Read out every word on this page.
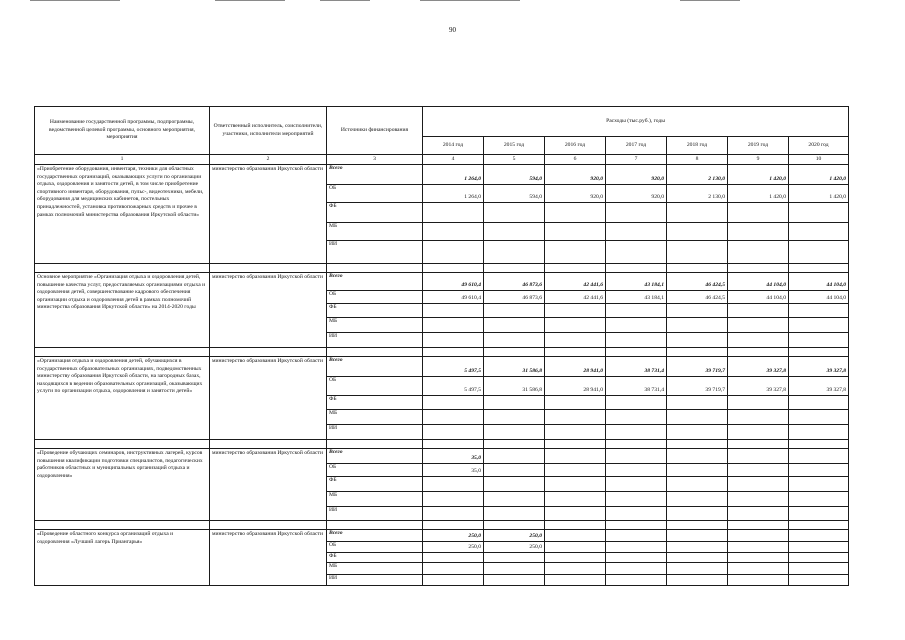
90
Наименование государственной программы, подпрограммы, ведомственной целевой программы, основного мероприятия, мероприятия	Ответственный исполнитель, соисполнители, участники, исполнители мероприятий	Источники финансирования	Расходы (тыс.руб.), годы						
			2014 год	2015 год	2016 год	2017 год	2018 год	2019 год	2020 год
1	2	3	4	5	6	7	8	9	10
«Приобретение оборудования, инвентаря, техники для областных государственных организаций, оказывающих услуги по организации отдыха, оздоровления и занятости детей, в том числе приобретение спортивного инвентаря, оборудования, пульс-, видеотехники, мебели, оборудования для медицинских кабинетов, постельных принадлежностей, установка противопожарных средств и прочее в рамках полномочий министерства образования Иркутской области»	министерство образования Иркутской области	Всего	1 264,0	594,0	920,0	920,0	2 130,0	1 420,0	1 420,0
		ОБ	1 264,0	594,0	920,0	920,0	2 130,0	1 420,0	1 420,0
		ФБ							
		МБ							
		ИИ							

Основное мероприятие «Организация отдыха и оздоровления детей, повышение качества услуг, предоставляемых организациями отдыха и оздоровления детей, совершенствование кадрового обеспечения организации отдыха и оздоровления детей в рамках полномочий министерства образования Иркутской области» на 2014-2020 годы	министерство образования Иркутской области	Всего	49 610,4	46 873,6	42 441,6	43 184,1	46 424,5	44 104,0	44 104,0
		ОБ	49 610,4	46 873,6	42 441,6	43 184,1	46 424,5	44 104,0	44 104,0
		ФБ							
		МБ							
		ИИ							

«Организация отдыха и оздоровления детей, обучающихся в государственных образовательных организациях, подведомственных министерству образования Иркутской области, на загородных базах, находящихся в ведении образовательных организаций, оказывающих услуги по организации отдыха, оздоровления и занятости детей»	министерство образования Иркутской области	Всего	5 497,5	31 586,8	28 941,0	38 731,4	39 719,7	39 327,8	39 327,8
		ОБ	5 497,5	31 586,8	28 941,0	38 731,4	39 719,7	39 327,8	39 327,8
		ФБ							
		МБ							
		ИИ							

«Проведение обучающих семинаров, инструктивных лагерей, курсов повышения квалификации подготовки специалистов, педагогических работников областных и муниципальных организаций отдыха и оздоровления»	министерство образования Иркутской области	Всего	35,0						
		ОБ	35,0						
		ФБ							
		МБ							
		ИИ							

«Проведение областного конкурса организаций отдыха и оздоровления «Лучший лагерь Приангарья»	министерство образования Иркутской области	Всего	250,0	250,0					
		ОБ	250,0	250,0					
		ФБ							
		МБ							
		ИИ							
